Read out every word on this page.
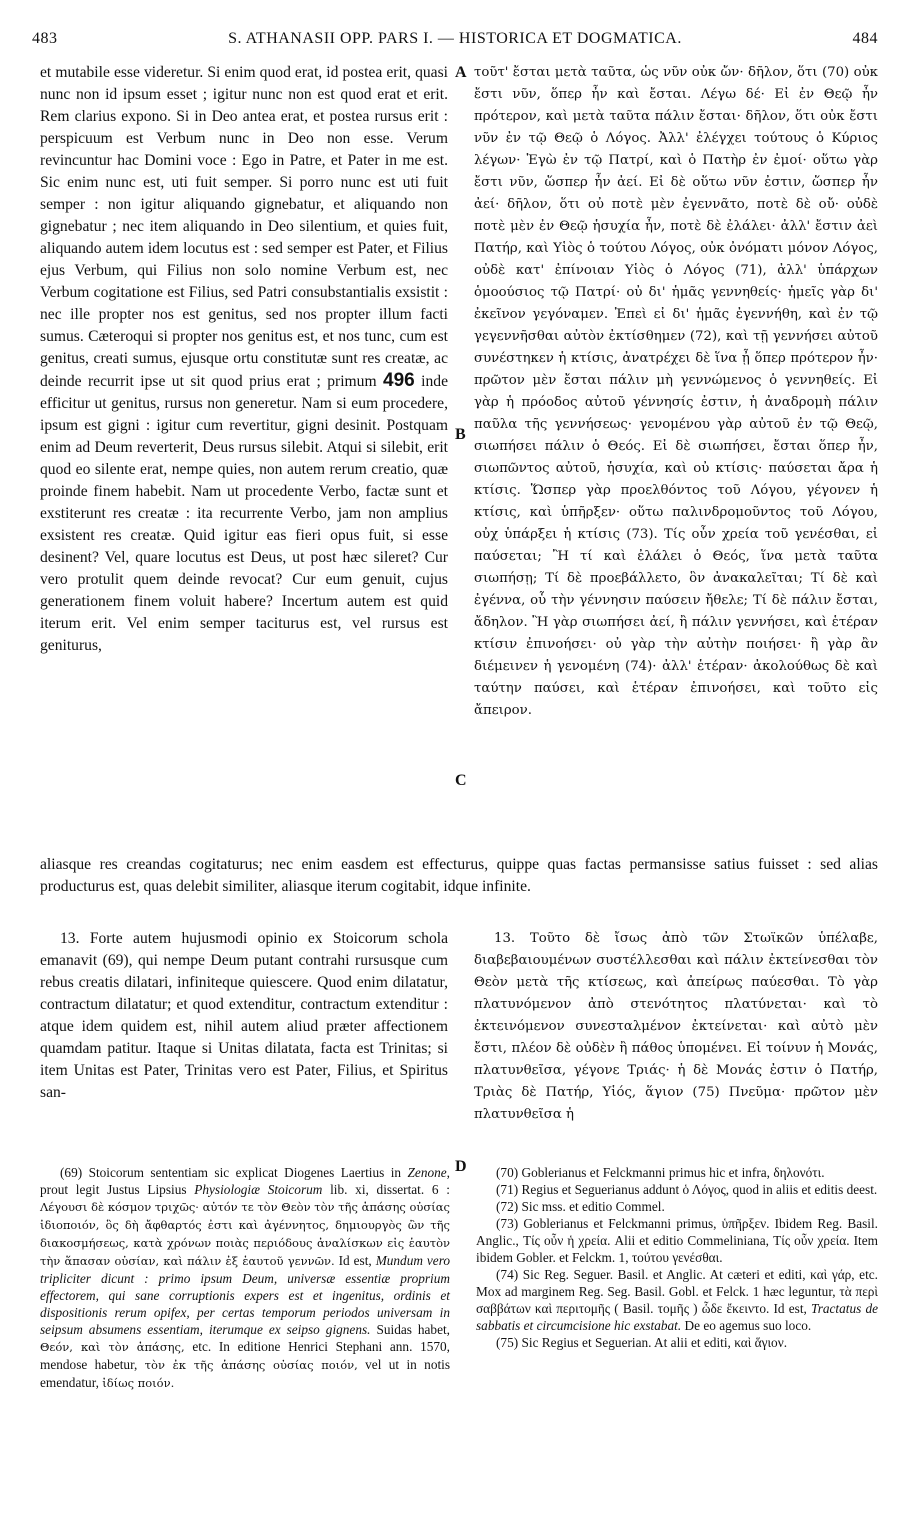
483	S. ATHANASII OPP. PARS I. — HISTORICA ET DOGMATICA.	484
A
B
C
D

et mutabile esse videretur. Si enim quod erat, id postea erit, quasi nunc non id ipsum esset ; igitur nunc non est quod erat et erit. Rem clarius expono. Si in Deo antea erat, et postea rursus erit : perspicuum est Verbum nunc in Deo non esse. Verum revincuntur hac Domini voce : Ego in Patre, et Pater in me est. Sic enim nunc est, uti fuit semper. Si porro nunc est uti fuit semper : non igitur aliquando gignebatur, et aliquando non gignebatur ; nec item aliquando in Deo silentium, et quies fuit, aliquando autem idem locutus est : sed semper est Pater, et Filius ejus Verbum, qui Filius non solo nomine Verbum est, nec Verbum cogitatione est Filius, sed Patri consubstantialis exsistit : nec ille propter nos est genitus, sed nos propter illum facti sumus. Cæteroqui si propter nos genitus est, et nos tunc, cum est genitus, creati sumus, ejusque ortu constitutæ sunt res creatæ, ac deinde recurrit ipse ut sit quod prius erat ; primum 496 inde efficitur ut genitus, rursus non generetur. Nam si eum procedere, ipsum est gigni : igitur cum revertitur, gigni desinit. Postquam enim ad Deum reverterit, Deus rursus silebit. Atqui si silebit, erit quod eo silente erat, nempe quies, non autem rerum creatio, quæ proinde finem habebit. Nam ut procedente Verbo, factæ sunt et exstiterunt res creatæ : ita recurrente Verbo, jam non amplius exsistent res creatæ. Quid igitur eas fieri opus fuit, si esse desinent? Vel, quare locutus est Deus, ut post hæc sileret? Cur vero protulit quem deinde revocat? Cur eum genuit, cujus generationem finem voluit habere? Incertum autem est quid iterum erit. Vel enim semper taciturus est, vel rursus est geniturus,

τοῦτ' ἔσται μετὰ ταῦτα, ὡς νῦν οὐκ ὤν· δῆλον, ὅτι (70) οὐκ ἔστι νῦν, ὅπερ ἦν καὶ ἔσται. Λέγω δέ· Εἰ ἐν Θεῷ ἦν πρότερον, καὶ μετὰ ταῦτα πάλιν ἔσται· δῆλον, ὅτι οὐκ ἔστι νῦν ἐν τῷ Θεῷ ὁ Λόγος. Ἀλλ' ἐλέγχει τούτους ὁ Κύριος λέγων· Ἐγὼ ἐν τῷ Πατρί, καὶ ὁ Πατὴρ ἐν ἐμοί· οὕτω γὰρ ἔστι νῦν, ὥσπερ ἦν ἀεί. Εἰ δὲ οὕτω νῦν ἐστιν, ὥσπερ ἦν ἀεί· δῆλον, ὅτι οὐ ποτὲ μὲν ἐγεννᾶτο, ποτὲ δὲ οὔ· οὐδὲ ποτὲ μὲν ἐν Θεῷ ἡσυχία ἦν, ποτὲ δὲ ἐλάλει· ἀλλ' ἔστιν ἀεὶ Πατήρ, καὶ Υἱὸς ὁ τούτου Λόγος, οὐκ ὀνόματι μόνον Λόγος, οὐδὲ κατ' ἐπίνοιαν Υἱὸς ὁ Λόγος (71), ἀλλ' ὑπάρχων ὁμοούσιος τῷ Πατρί· οὐ δι' ἡμᾶς γεννηθείς· ἡμεῖς γὰρ δι' ἐκεῖνον γεγόναμεν. Ἐπεὶ εἰ δι' ἡμᾶς ἐγεννήθη, καὶ ἐν τῷ γεγεννῆσθαι αὐτὸν ἐκτίσθημεν (72), καὶ τῇ γεννήσει αὐτοῦ συνέστηκεν ἡ κτίσις, ἀνατρέχει δὲ ἵνα ᾖ ὅπερ πρότερον ἦν· πρῶτον μὲν ἔσται πάλιν μὴ γεννώμενος ὁ γεννηθείς. Εἰ γὰρ ἡ πρόοδος αὐτοῦ γέννησίς ἐστιν, ἡ ἀναδρομὴ πάλιν παῦλα τῆς γεννήσεως· γενομένου γὰρ αὐτοῦ ἐν τῷ Θεῷ, σιωπήσει πάλιν ὁ Θεός. Εἰ δὲ σιωπήσει, ἔσται ὅπερ ἦν, σιωπῶντος αὐτοῦ, ἡσυχία, καὶ οὐ κτίσις· παύσεται ἄρα ἡ κτίσις. Ὥσπερ γὰρ προελθόντος τοῦ Λόγου, γέγονεν ἡ κτίσις, καὶ ὑπῆρξεν· οὕτω παλινδρομοῦντος τοῦ Λόγου, οὐχ ὑπάρξει ἡ κτίσις (73). Τίς οὖν χρεία τοῦ γενέσθαι, εἰ παύσεται; Ἢ τί καὶ ἐλάλει ὁ Θεός, ἵνα μετὰ ταῦτα σιωπήσῃ; Τί δὲ προεβάλλετο, ὃν ἀνακαλεῖται; Τί δὲ καὶ ἐγέννα, οὗ τὴν γέννησιν παύσειν ἤθελε; Τί δὲ πάλιν ἔσται, ἄδηλον. Ἢ γὰρ σιωπήσει ἀεί, ἢ πάλιν γεννήσει, καὶ ἑτέραν κτίσιν ἐπινοήσει· οὐ γὰρ τὴν αὐτὴν ποιήσει· ἢ γὰρ ἂν διέμεινεν ἡ γενομένη (74)· ἀλλ' ἑτέραν· ἀκολούθως δὲ καὶ ταύτην παύσει, καὶ ἑτέραν ἐπινοήσει, καὶ τοῦτο εἰς ἄπειρον.

aliasque res creandas cogitaturus; nec enim easdem est effecturus, quippe quas factas permansisse satius fuisset : sed alias producturus est, quas delebit similiter, aliasque iterum cogitabit, idque infinite.

13. Forte autem hujusmodi opinio ex Stoicorum schola emanavit (69), qui nempe Deum putant contrahi rursusque cum rebus creatis dilatari, infiniteque quiescere. Quod enim dilatatur, contractum dilatatur; et quod extenditur, contractum extenditur : atque idem quidem est, nihil autem aliud præter affectionem quamdam patitur. Itaque si Unitas dilatata, facta est Trinitas; si item Unitas est Pater, Trinitas vero est Pater, Filius, et Spiritus san-

13. Τοῦτο δὲ ἴσως ἀπὸ τῶν Στωϊκῶν ὑπέλαβε, διαβεβαιουμένων συστέλλεσθαι καὶ πάλιν ἐκτείνεσθαι τὸν Θεὸν μετὰ τῆς κτίσεως, καὶ ἀπείρως παύεσθαι. Τὸ γὰρ πλατυνόμενον ἀπὸ στενότητος πλατύνεται· καὶ τὸ ἐκτεινόμενον συνεσταλμένον ἐκτείνεται· καὶ αὐτὸ μὲν ἔστι, πλέον δὲ οὐδὲν ἢ πάθος ὑπομένει. Εἰ τοίνυν ἡ Μονάς, πλατυνθεῖσα, γέγονε Τριάς· ἡ δὲ Μονάς ἐστιν ὁ Πατήρ, Τριὰς δὲ Πατήρ, Υἱός, ἅγιον (75) Πνεῦμα· πρῶτον μὲν πλατυνθεῖσα ἡ

(69) Stoicorum sententiam sic explicat Diogenes Laertius in Zenone, prout legit Justus Lipsius Physiologiæ Stoicorum lib. xi, dissertat. 6 : Λέγουσι δὲ κόσμον τριχῶς· αὐτόν τε τὸν Θεὸν τὸν τῆς ἁπάσης οὐσίας ἰδιοποιόν, ὃς δὴ ἄφθαρτός ἐστι καὶ ἀγέννητος, δημιουργὸς ὢν τῆς διακοσμήσεως, κατὰ χρόνων ποιὰς περιόδους ἀναλίσκων εἰς ἑαυτὸν τὴν ἅπασαν οὐσίαν, καὶ πάλιν ἐξ ἑαυτοῦ γεννῶν. Id est, Mundum vero tripliciter dicunt : primo ipsum Deum, universæ essentiæ proprium effectorem, qui sane corruptionis expers est et ingenitus, ordinis et dispositionis rerum opifex, per certas temporum periodos universam in seipsum absumens essentiam, iterumque ex seipso gignens. Suidas habet, Θεόν, καὶ τὸν ἁπάσης, etc. In editione Henrici Stephani ann. 1570, mendose habetur, τὸν ἐκ τῆς ἁπάσης οὐσίας ποιόν, vel ut in notis emendatur, ἰδίως ποιόν.

(70) Goblerianus et Felckmanni primus hic et infra, δηλονότι.

(71) Regius et Seguerianus addunt ὁ Λόγος, quod in aliis et editis deest.

(72) Sic mss. et editio Commel.

(73) Goblerianus et Felckmanni primus, ὑπῆρξεν. Ibidem Reg. Basil. Anglic., Τίς οὖν ἡ χρεία. Alii et editio Commeliniana, Τίς οὖν χρεία. Item ibidem Gobler. et Felckm. 1, τούτου γενέσθαι.

(74) Sic Reg. Seguer. Basil. et Anglic. At cæteri et editi, καὶ γάρ, etc. Mox ad marginem Reg. Seg. Basil. Gobl. et Felck. 1 hæc leguntur, τὰ περὶ σαββάτων καὶ περιτομῆς ( Basil. τομῆς ) ὧδε ἔκειντο. Id est, Tractatus de sabbatis et circumcisione hic exstabat. De eo agemus suo loco.

(75) Sic Regius et Seguerian. At alii et editi, καὶ ἅγιον.
